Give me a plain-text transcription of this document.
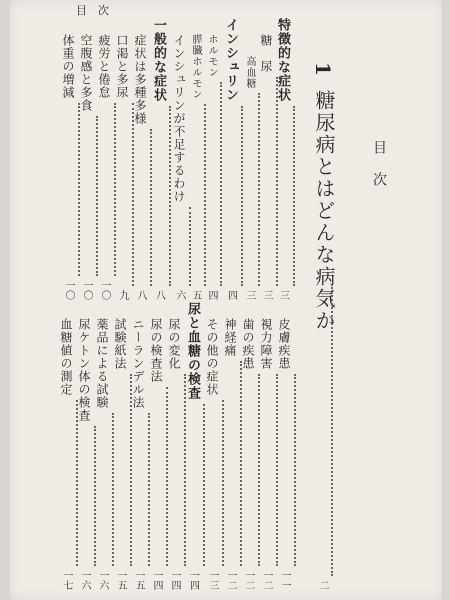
目　次
1
糖尿病とはどんな病気か
二
目次
特徴的な症状
三
糖　尿
三
高血糖
三
インシュリン
四
ホルモン
四
膵臓ホルモン
五
インシュリンが不足するわけ
六
一般的な症状
八
症状は多種多様
八
口渇と多尿
九
疲労と倦怠
一〇
空腹感と多食
一〇
体重の増減
一〇
皮膚疾患
一一
視力障害
一二
歯の疾患
一二
神経痛
一二
その他の症状
一三
尿と血糖の検査
一四
尿の変化
一四
尿の検査法
一四
ニーランデル法
一五
試験紙法
一五
薬品による試験
一六
尿ケトン体の検査
一六
血糖値の測定
一七
